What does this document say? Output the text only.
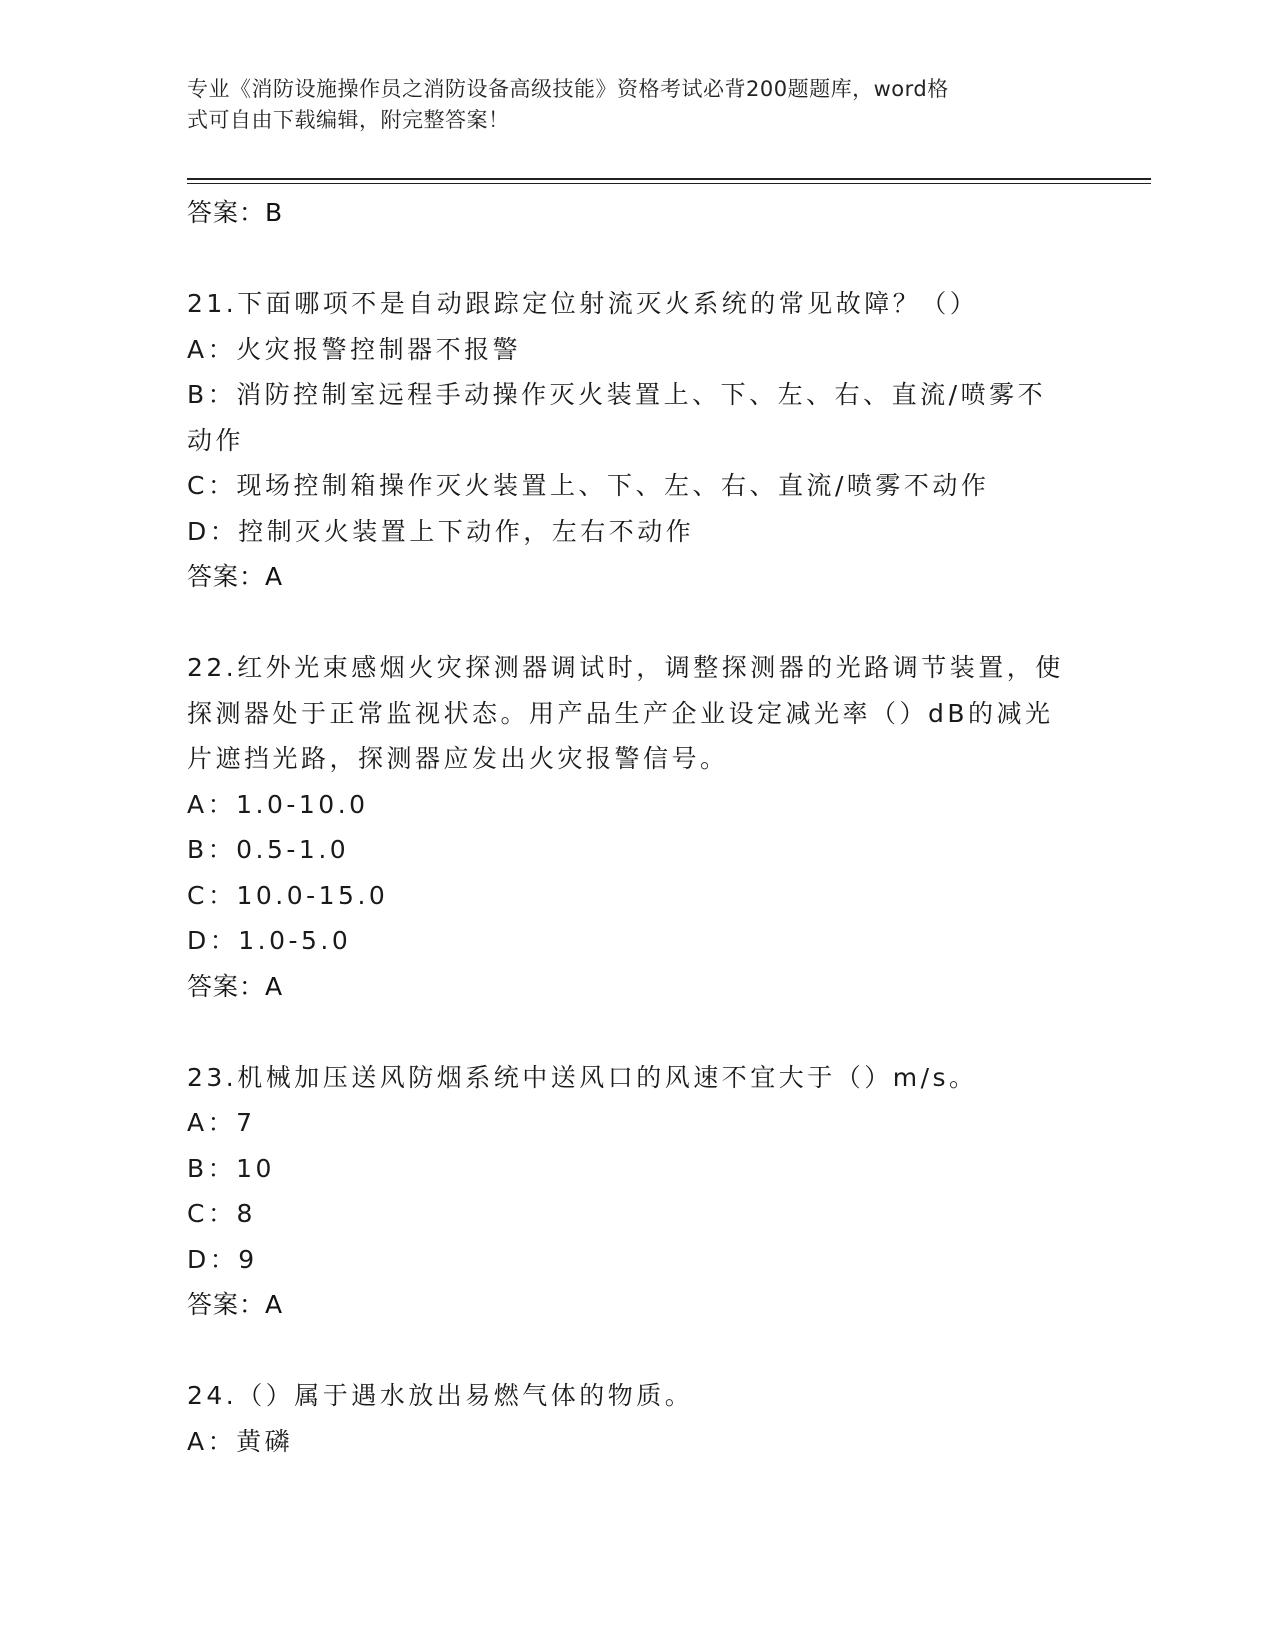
专业《消防设施操作员之消防设备高级技能》资格考试必背200题题库，word格
式可自由下载编辑，附完整答案！
答案：B
21.下面哪项不是自动跟踪定位射流灭火系统的常见故障？（）
A：火灾报警控制器不报警
B：消防控制室远程手动操作灭火装置上、下、左、右、直流/喷雾不
动作
C：现场控制箱操作灭火装置上、下、左、右、直流/喷雾不动作
D：控制灭火装置上下动作，左右不动作
答案：A
22.红外光束感烟火灾探测器调试时，调整探测器的光路调节装置，使
探测器处于正常监视状态。用产品生产企业设定减光率（）dB的减光
片遮挡光路，探测器应发出火灾报警信号。
A：1.0-10.0
B：0.5-1.0
C：10.0-15.0
D：1.0-5.0
答案：A
23.机械加压送风防烟系统中送风口的风速不宜大于（）m/s。
A：7
B：10
C：8
D：9
答案：A
24.（）属于遇水放出易燃气体的物质。
A：黄磷
